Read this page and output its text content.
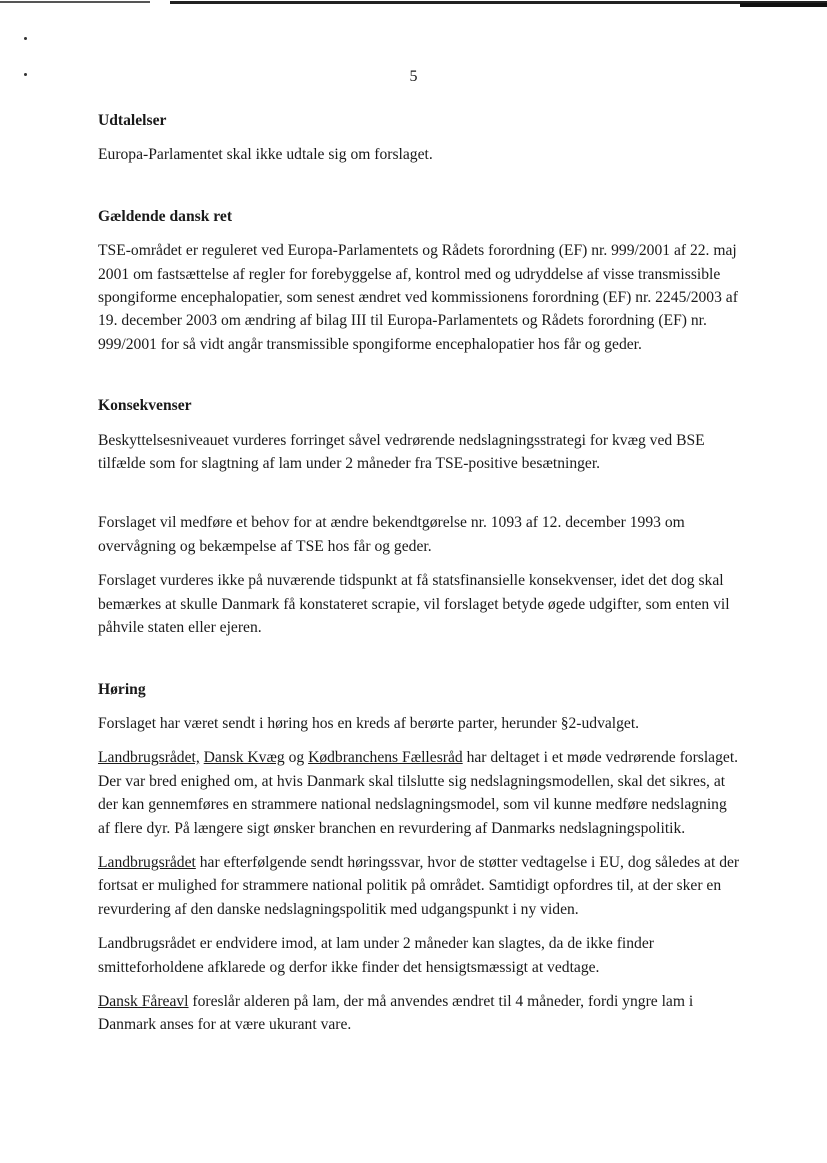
5

Udtalelser

Europa-Parlamentet skal ikke udtale sig om forslaget.

Gældende dansk ret

TSE-området er reguleret ved Europa-Parlamentets og Rådets forordning (EF) nr. 999/2001 af 22. maj 2001 om fastsættelse af regler for forebyggelse af, kontrol med og udryddelse af visse transmissible spongiforme encephalopatier, som senest ændret ved kommissionens forordning (EF) nr. 2245/2003 af 19. december 2003 om ændring af bilag III til Europa-Parlamentets og Rådets forordning (EF) nr. 999/2001 for så vidt angår transmissible spongiforme encephalopatier hos får og geder.

Konsekvenser

Beskyttelsesniveauet vurderes forringet såvel vedrørende nedslagningsstrategi for kvæg ved BSE tilfælde som for slagtning af lam under 2 måneder fra TSE-positive besætninger.

Forslaget vil medføre et behov for at ændre bekendtgørelse nr. 1093 af 12. december 1993 om overvågning og bekæmpelse af TSE hos får og geder.

Forslaget vurderes ikke på nuværende tidspunkt at få statsfinansielle konsekvenser, idet det dog skal bemærkes at skulle Danmark få konstateret scrapie, vil forslaget betyde øgede udgifter, som enten vil påhvile staten eller ejeren.

Høring

Forslaget har været sendt i høring hos en kreds af berørte parter, herunder §2-udvalget.

Landbrugsrådet, Dansk Kvæg og Kødbranchens Fællesråd har deltaget i et møde vedrørende forslaget. Der var bred enighed om, at hvis Danmark skal tilslutte sig nedslagningsmodellen, skal det sikres, at der kan gennemføres en strammere national nedslagningsmodel, som vil kunne medføre nedslagning af flere dyr. På længere sigt ønsker branchen en revurdering af Danmarks nedslagningspolitik.

Landbrugsrådet har efterfølgende sendt høringssvar, hvor de støtter vedtagelse i EU, dog således at der fortsat er mulighed for strammere national politik på området. Samtidigt opfordres til, at der sker en revurdering af den danske nedslagningspolitik med udgangspunkt i ny viden.

Landbrugsrådet er endvidere imod, at lam under 2 måneder kan slagtes, da de ikke finder smitteforholdene afklarede og derfor ikke finder det hensigtsmæssigt at vedtage.

Dansk Fåreavl foreslår alderen på lam, der må anvendes ændret til 4 måneder, fordi yngre lam i Danmark anses for at være ukurant vare.
